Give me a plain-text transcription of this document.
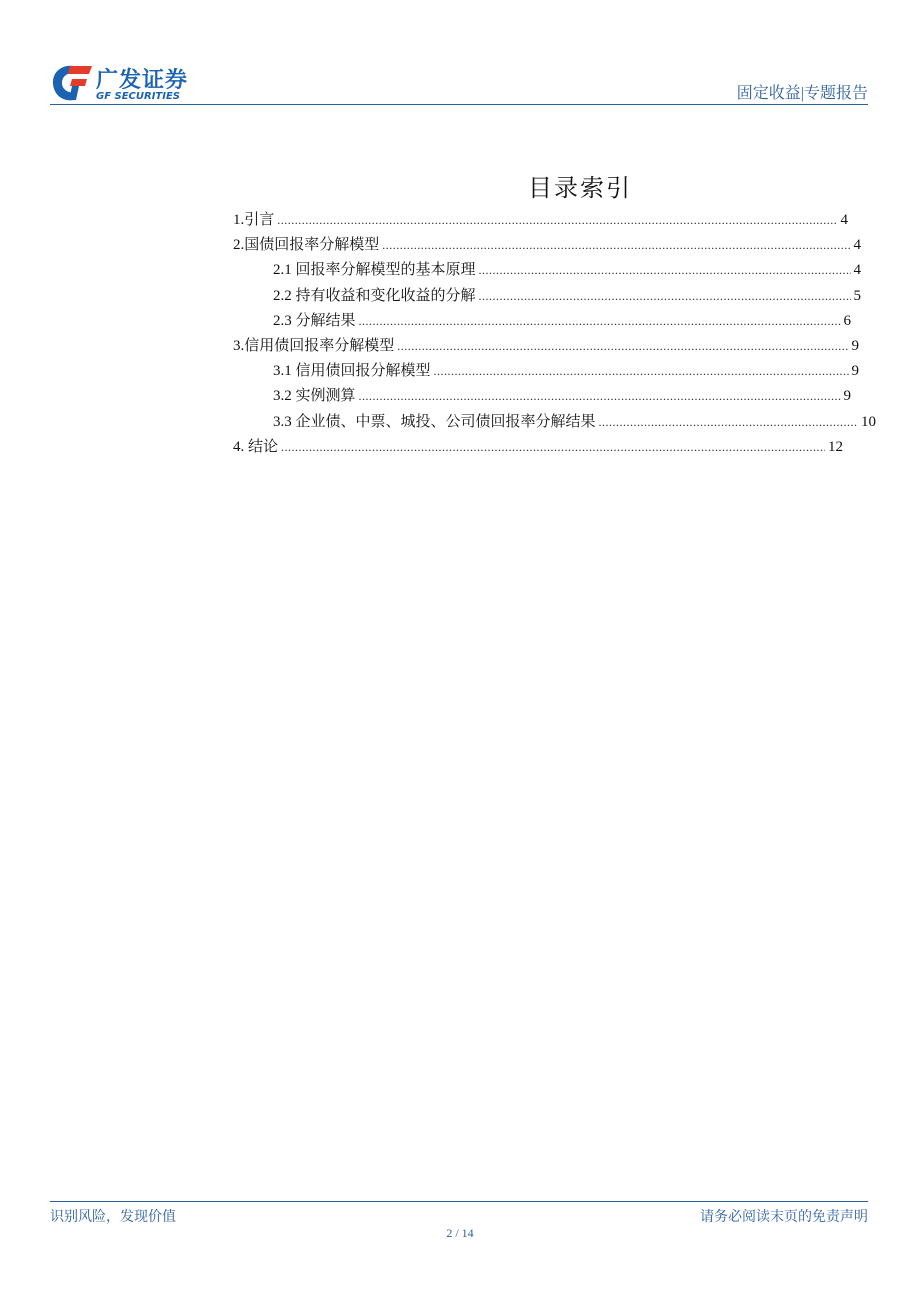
广发证券
GF SECURITIES	固定收益|专题报告
目录索引
1.引言 .....	4
2.国债回报率分解模型 .....	4
2.1 回报率分解模型的基本原理 .....	4
2.2 持有收益和变化收益的分解 .....	5
2.3 分解结果 .....	6
3.信用债回报率分解模型 .....	9
3.1 信用债回报分解模型 .....	9
3.2 实例测算 .....	9
3.3 企业债、中票、城投、公司债回报率分解结果 .....	10
4. 结论 .....	12
识别风险，发现价值	请务必阅读末页的免责声明
2 / 14
